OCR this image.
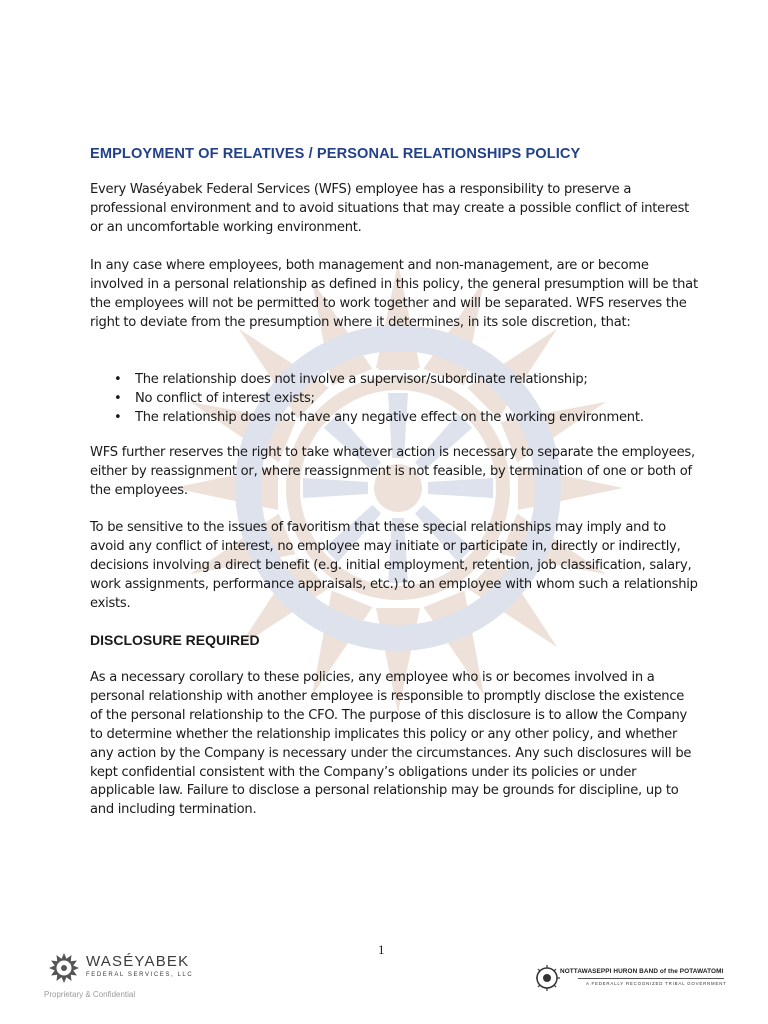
EMPLOYMENT OF RELATIVES / PERSONAL RELATIONSHIPS POLICY

Every Waséyabek Federal Services (WFS) employee has a responsibility to preserve a professional environment and to avoid situations that may create a possible conflict of interest or an uncomfortable working environment.

In any case where employees, both management and non-management, are or become involved in a personal relationship as defined in this policy, the general presumption will be that the employees will not be permitted to work together and will be separated. WFS reserves the right to deviate from the presumption where it determines, in its sole discretion, that:

• The relationship does not involve a supervisor/subordinate relationship;
• No conflict of interest exists;
• The relationship does not have any negative effect on the working environment.

WFS further reserves the right to take whatever action is necessary to separate the employees, either by reassignment or, where reassignment is not feasible, by termination of one or both of the employees.

To be sensitive to the issues of favoritism that these special relationships may imply and to avoid any conflict of interest, no employee may initiate or participate in, directly or indirectly, decisions involving a direct benefit (e.g. initial employment, retention, job classification, salary, work assignments, performance appraisals, etc.) to an employee with whom such a relationship exists.

DISCLOSURE REQUIRED

As a necessary corollary to these policies, any employee who is or becomes involved in a personal relationship with another employee is responsible to promptly disclose the existence of the personal relationship to the CFO. The purpose of this disclosure is to allow the Company to determine whether the relationship implicates this policy or any other policy, and whether any action by the Company is necessary under the circumstances. Any such disclosures will be kept confidential consistent with the Company’s obligations under its policies or under applicable law. Failure to disclose a personal relationship may be grounds for discipline, up to and including termination.

1
WASÉYABEK
FEDERAL SERVICES, LLC
Proprietary & Confidential
NOTTAWASEPPI HURON BAND of the POTAWATOMI
A FEDERALLY RECOGNIZED TRIBAL GOVERNMENT
